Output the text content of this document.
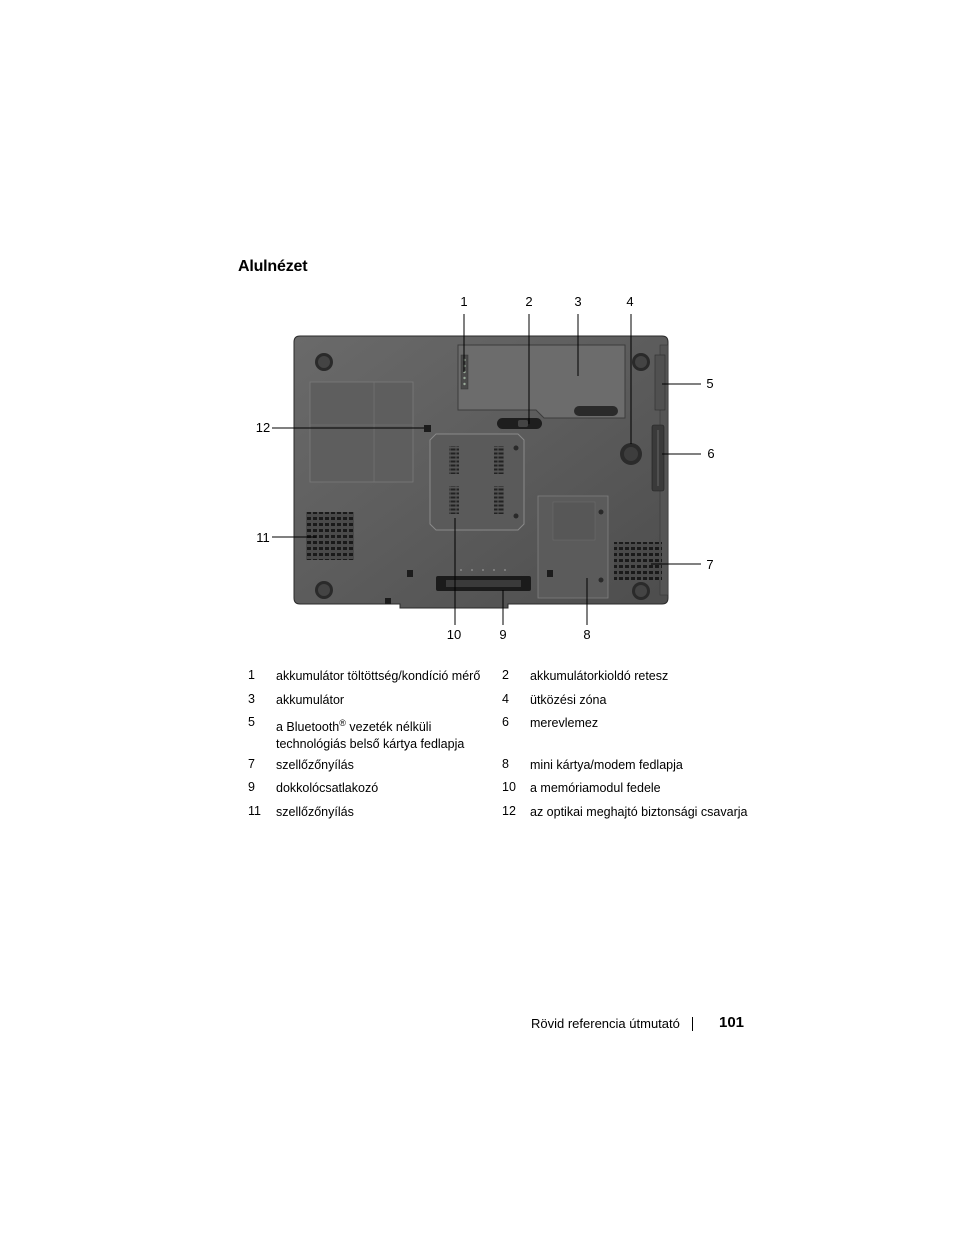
Alulnézet
1	2	3	4
5
6
7
8
9
10
11
12
1	akkumulátor töltöttség/kondíció mérő 2	akkumulátorkioldó retesz
3	akkumulátor	4	ütközési zóna
5	a Bluetooth® vezeték nélküli
technológiás belső kártya fedlapja
6	merevlemez
7	szellőzőnyílás	8	mini kártya/modem fedlapja
9	dokkolócsatlakozó	10	a memóriamodul fedele
11	szellőzőnyílás	12	az optikai meghajtó biztonsági csavarja
Rövid referencia útmutató	101
